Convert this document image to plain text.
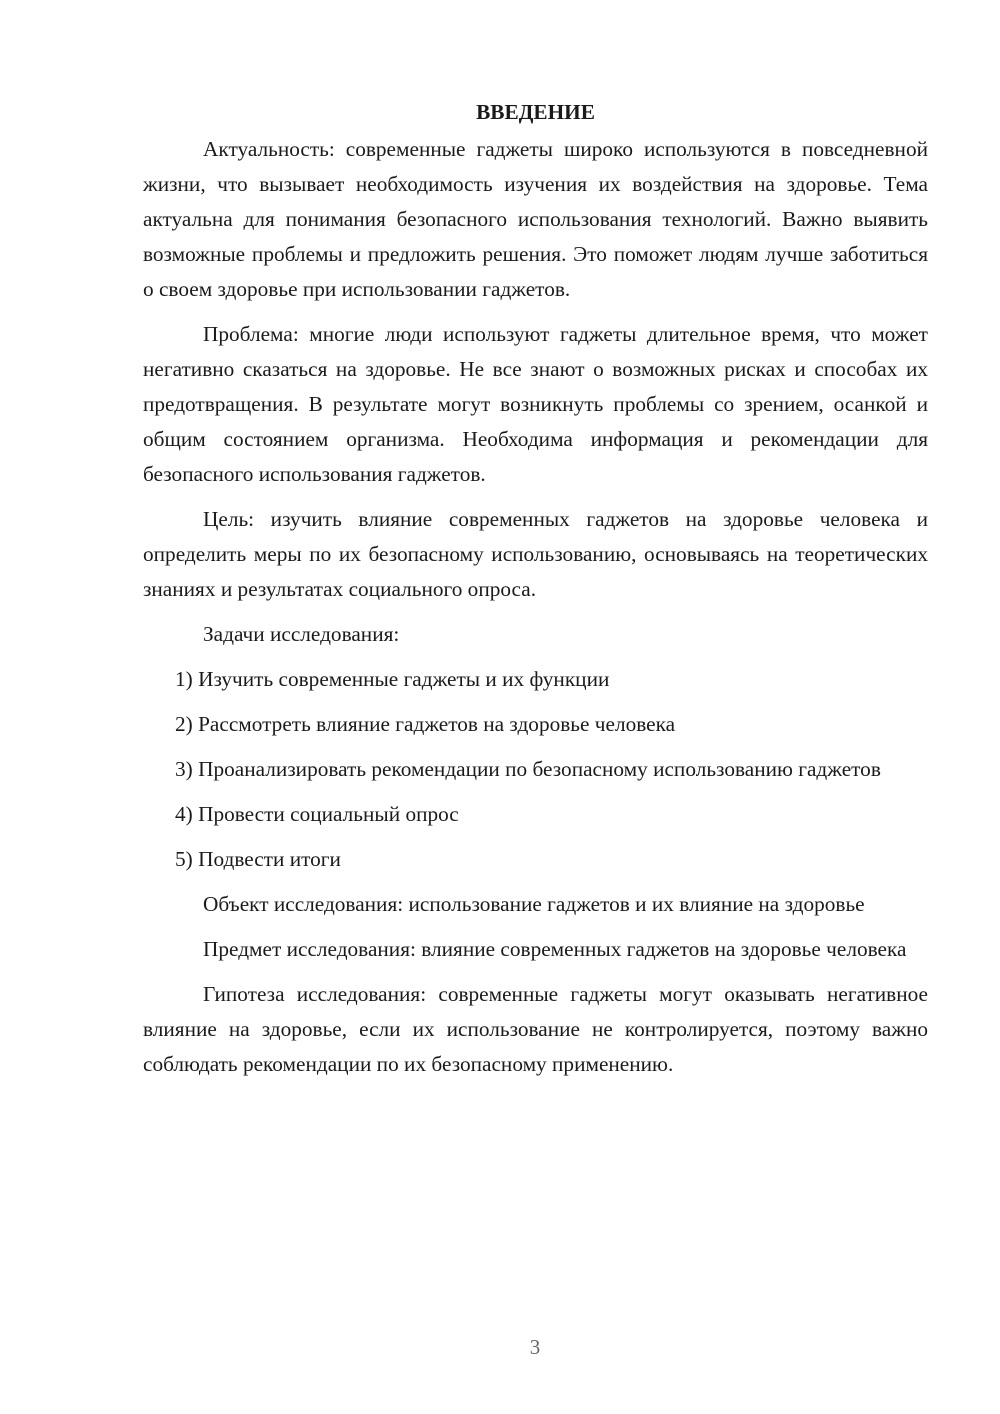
ВВЕДЕНИЕ

Актуальность: современные гаджеты широко используются в повседневной жизни, что вызывает необходимость изучения их воздействия на здоровье. Тема актуальна для понимания безопасного использования технологий. Важно выявить возможные проблемы и предложить решения. Это поможет людям лучше заботиться о своем здоровье при использовании гаджетов.

Проблема: многие люди используют гаджеты длительное время, что может негативно сказаться на здоровье. Не все знают о возможных рисках и способах их предотвращения. В результате могут возникнуть проблемы со зрением, осанкой и общим состоянием организма. Необходима информация и рекомендации для безопасного использования гаджетов.

Цель: изучить влияние современных гаджетов на здоровье человека и определить меры по их безопасному использованию, основываясь на теоретических знаниях и результатах социального опроса.

Задачи исследования:

1) Изучить современные гаджеты и их функции

2) Рассмотреть влияние гаджетов на здоровье человека

3) Проанализировать рекомендации по безопасному использованию гаджетов

4) Провести социальный опрос

5) Подвести итоги

Объект исследования: использование гаджетов и их влияние на здоровье

Предмет исследования: влияние современных гаджетов на здоровье человека

Гипотеза исследования: современные гаджеты могут оказывать негативное влияние на здоровье, если их использование не контролируется, поэтому важно соблюдать рекомендации по их безопасному применению.

3
